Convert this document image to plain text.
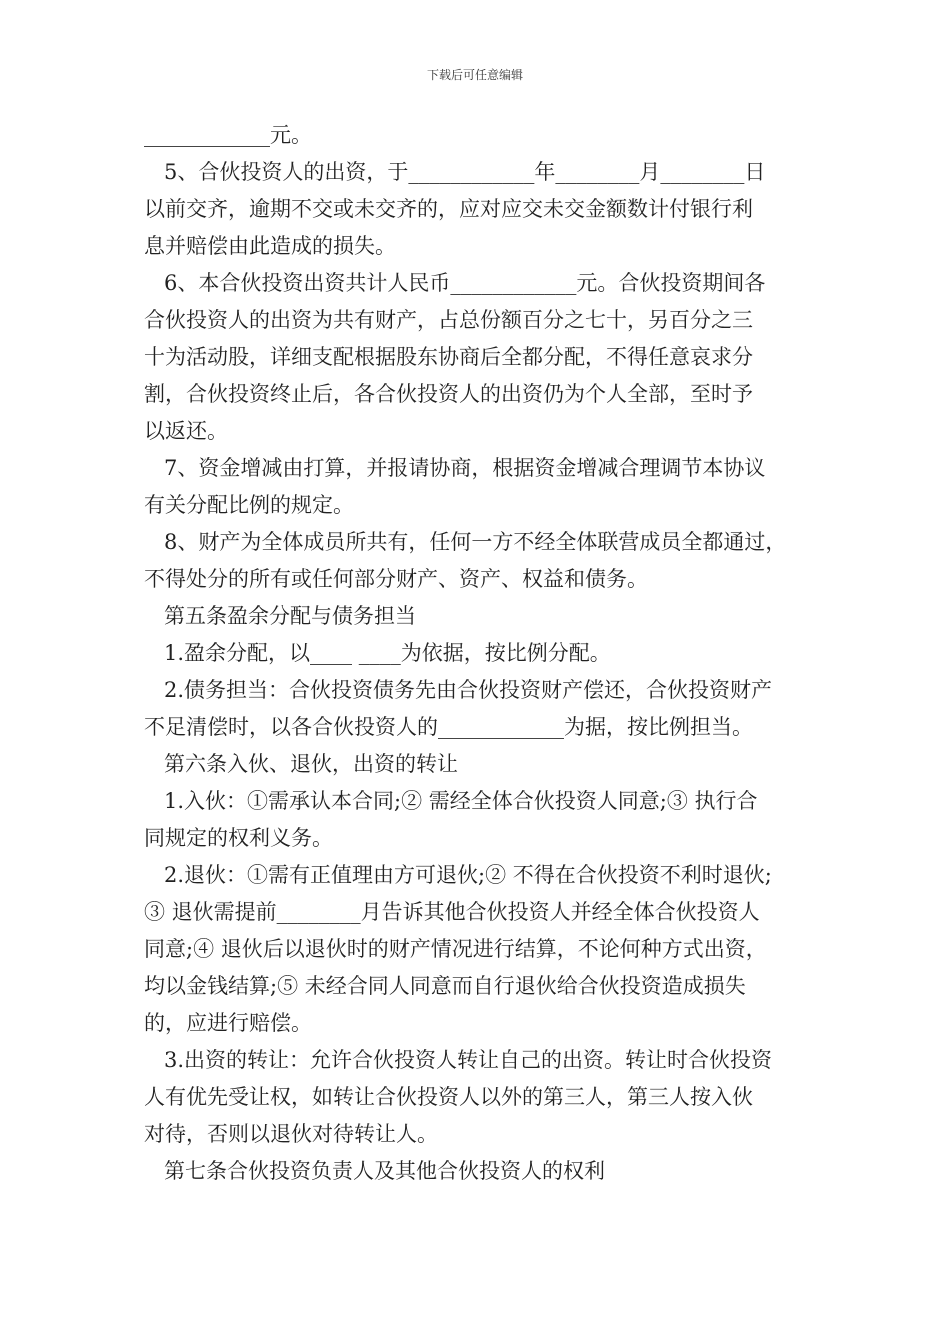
下载后可任意编辑
____________元。
5、合伙投资人的出资，于____________年________月________日
以前交齐，逾期不交或未交齐的，应对应交未交金额数计付银行利
息并赔偿由此造成的损失。
6、本合伙投资出资共计人民币____________元。合伙投资期间各
合伙投资人的出资为共有财产，占总份额百分之七十，另百分之三
十为活动股，详细支配根据股东协商后全都分配，不得任意哀求分
割，合伙投资终止后，各合伙投资人的出资仍为个人全部，至时予
以返还。
7、资金增减由打算，并报请协商，根据资金增减合理调节本协议
有关分配比例的规定。
8、财产为全体成员所共有，任何一方不经全体联营成员全都通过，
不得处分的所有或任何部分财产、资产、权益和债务。
第五条盈余分配与债务担当
1.盈余分配，以____ ____为依据，按比例分配。
2.债务担当：合伙投资债务先由合伙投资财产偿还，合伙投资财产
不足清偿时，以各合伙投资人的____________为据，按比例担当。
第六条入伙、退伙，出资的转让
1.入伙：①需承认本合同;② 需经全体合伙投资人同意;③ 执行合
同规定的权利义务。
2.退伙：①需有正值理由方可退伙;② 不得在合伙投资不利时退伙;
③ 退伙需提前________月告诉其他合伙投资人并经全体合伙投资人
同意;④ 退伙后以退伙时的财产情况进行结算，不论何种方式出资，
均以金钱结算;⑤ 未经合同人同意而自行退伙给合伙投资造成损失
的，应进行赔偿。
3.出资的转让：允许合伙投资人转让自己的出资。转让时合伙投资
人有优先受让权，如转让合伙投资人以外的第三人，第三人按入伙
对待，否则以退伙对待转让人。
第七条合伙投资负责人及其他合伙投资人的权利
